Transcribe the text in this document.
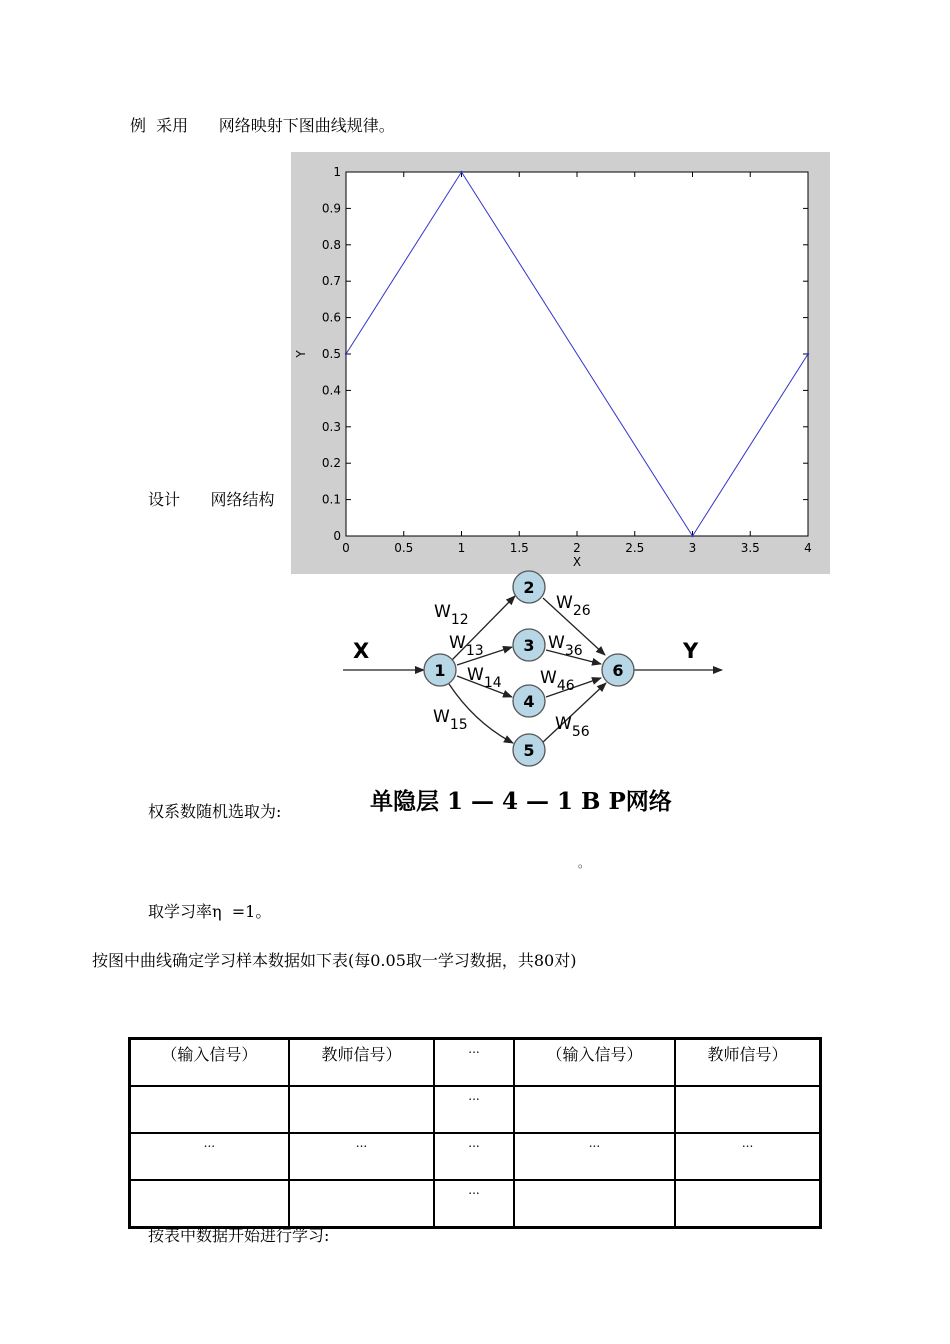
例  采用      网络映射下图曲线规律。
0	0.5	1	1.5	2	2.5	3	3.5	4
0
0.1
0.2
0.3
0.4
0.5
0.6
0.7
0.8
0.9
1
X
Y
设计      网络结构
1
2
3
4
5
6
X	Y
$W_{12}$
$W_{13}$
$W_{14}$
$W_{15}$
$W_{26}$
$W_{36}$
$W_{46}$
$W_{56}$
单隐层 1 — 4 — 1 B P网络
权系数随机选取为:
。
取学习率η  =1。
按图中曲线确定学习样本数据如下表(每0.05取一学习数据，共80对)
（输入信号）	教师信号）	...	（输入信号）	教师信号）
		...		
...	...	...	...	...
		...		
按表中数据开始进行学习:
